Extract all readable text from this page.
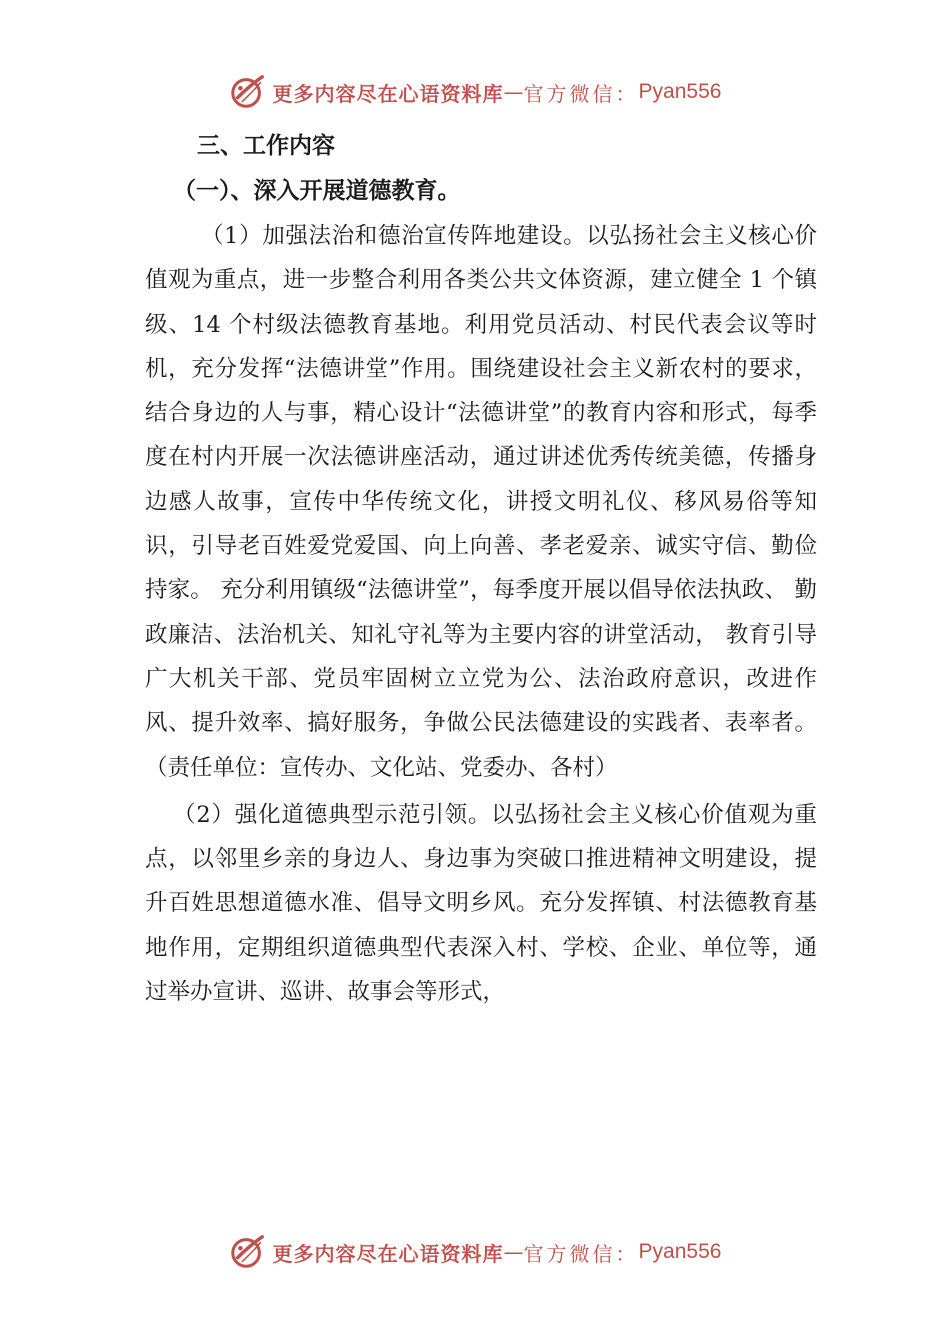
更多内容尽在心语资料库 — 官方微信： Pyan556
三、工作内容
（一）、深入开展道德教育。

（1）加强法治和德治宣传阵地建设。以弘扬社会主义核心价值观为重点，进一步整合利用各类公共文体资源，建立健全 1 个镇级、14 个村级法德教育基地。利用党员活动、村民代表会议等时机，充分发挥“法德讲堂”作用。围绕建设社会主义新农村的要求，结合身边的人与事，精心设计“法德讲堂”的教育内容和形式，每季度在村内开展一次法德讲座活动，通过讲述优秀传统美德，传播身边感人故事，宣传中华传统文化，讲授文明礼仪、移风易俗等知识，引导老百姓爱党爱国、向上向善、孝老爱亲、诚实守信、勤俭持家。 充分利用镇级“法德讲堂”，每季度开展以倡导依法执政、 勤政廉洁、法治机关、知礼守礼等为主要内容的讲堂活动， 教育引导广大机关干部、党员牢固树立立党为公、法治政府意识，改进作风、提升效率、搞好服务，争做公民法德建设的实践者、表率者。（责任单位：宣传办、文化站、党委办、各村）

（2）强化道德典型示范引领。以弘扬社会主义核心价值观为重点，以邻里乡亲的身边人、身边事为突破口推进精神文明建设，提升百姓思想道德水准、倡导文明乡风。充分发挥镇、村法德教育基地作用，定期组织道德典型代表深入村、学校、企业、单位等，通过举办宣讲、巡讲、故事会等形式，

更多内容尽在心语资料库 — 官方微信： Pyan556
